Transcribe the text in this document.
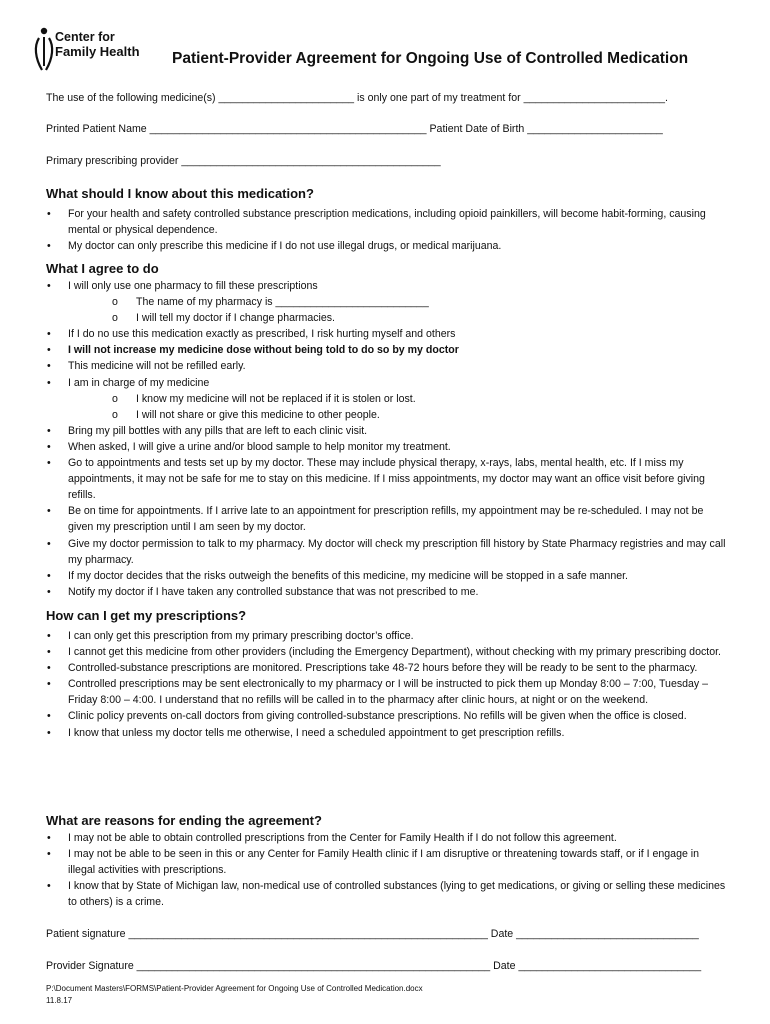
Center for
Family Health Patient-Provider Agreement for Ongoing Use of Controlled Medication
The use of the following medicine(s) _______________________ is only one part of my treatment for ________________________.
Printed Patient Name _______________________________________________ Patient Date of Birth _______________________
Primary prescribing provider ____________________________________________
What should I know about this medication?
• For your health and safety controlled substance prescription medications, including opioid painkillers, will become habit-forming, causing mental or physical dependence.
• My doctor can only prescribe this medicine if I do not use illegal drugs, or medical marijuana.
What I agree to do
• I will only use one pharmacy to fill these prescriptions
o The name of my pharmacy is __________________________
o I will tell my doctor if I change pharmacies.
• If I do no use this medication exactly as prescribed, I risk hurting myself and others
• I will not increase my medicine dose without being told to do so by my doctor
• This medicine will not be refilled early.
• I am in charge of my medicine
o I know my medicine will not be replaced if it is stolen or lost.
o I will not share or give this medicine to other people.
• Bring my pill bottles with any pills that are left to each clinic visit.
• When asked, I will give a urine and/or blood sample to help monitor my treatment.
• Go to appointments and tests set up by my doctor. These may include physical therapy, x-rays, labs, mental health, etc. If I miss my appointments, it may not be safe for me to stay on this medicine. If I miss appointments, my doctor may want an office visit before giving refills.
• Be on time for appointments. If I arrive late to an appointment for prescription refills, my appointment may be re-scheduled. I may not be given my prescription until I am seen by my doctor.
• Give my doctor permission to talk to my pharmacy. My doctor will check my prescription fill history by State Pharmacy registries and may call my pharmacy.
• If my doctor decides that the risks outweigh the benefits of this medicine, my medicine will be stopped in a safe manner.
• Notify my doctor if I have taken any controlled substance that was not prescribed to me.
How can I get my prescriptions?
• I can only get this prescription from my primary prescribing doctor’s office.
• I cannot get this medicine from other providers (including the Emergency Department), without checking with my primary prescribing doctor.
• Controlled-substance prescriptions are monitored. Prescriptions take 48-72 hours before they will be ready to be sent to the pharmacy.
• Controlled prescriptions may be sent electronically to my pharmacy or I will be instructed to pick them up Monday 8:00 – 7:00, Tuesday – Friday 8:00 – 4:00. I understand that no refills will be called in to the pharmacy after clinic hours, at night or on the weekend.
• Clinic policy prevents on-call doctors from giving controlled-substance prescriptions. No refills will be given when the office is closed.
• I know that unless my doctor tells me otherwise, I need a scheduled appointment to get prescription refills.
What are reasons for ending the agreement?
• I may not be able to obtain controlled prescriptions from the Center for Family Health if I do not follow this agreement.
• I may not be able to be seen in this or any Center for Family Health clinic if I am disruptive or threatening towards staff, or if I engage in illegal activities with prescriptions.
• I know that by State of Michigan law, non-medical use of controlled substances (lying to get medications, or giving or selling these medicines to others) is a crime.
Patient signature _____________________________________________________________ Date _______________________________
Provider Signature ____________________________________________________________ Date _______________________________
P:\Document Masters\FORMS\Patient-Provider Agreement for Ongoing Use of Controlled Medication.docx
11.8.17
